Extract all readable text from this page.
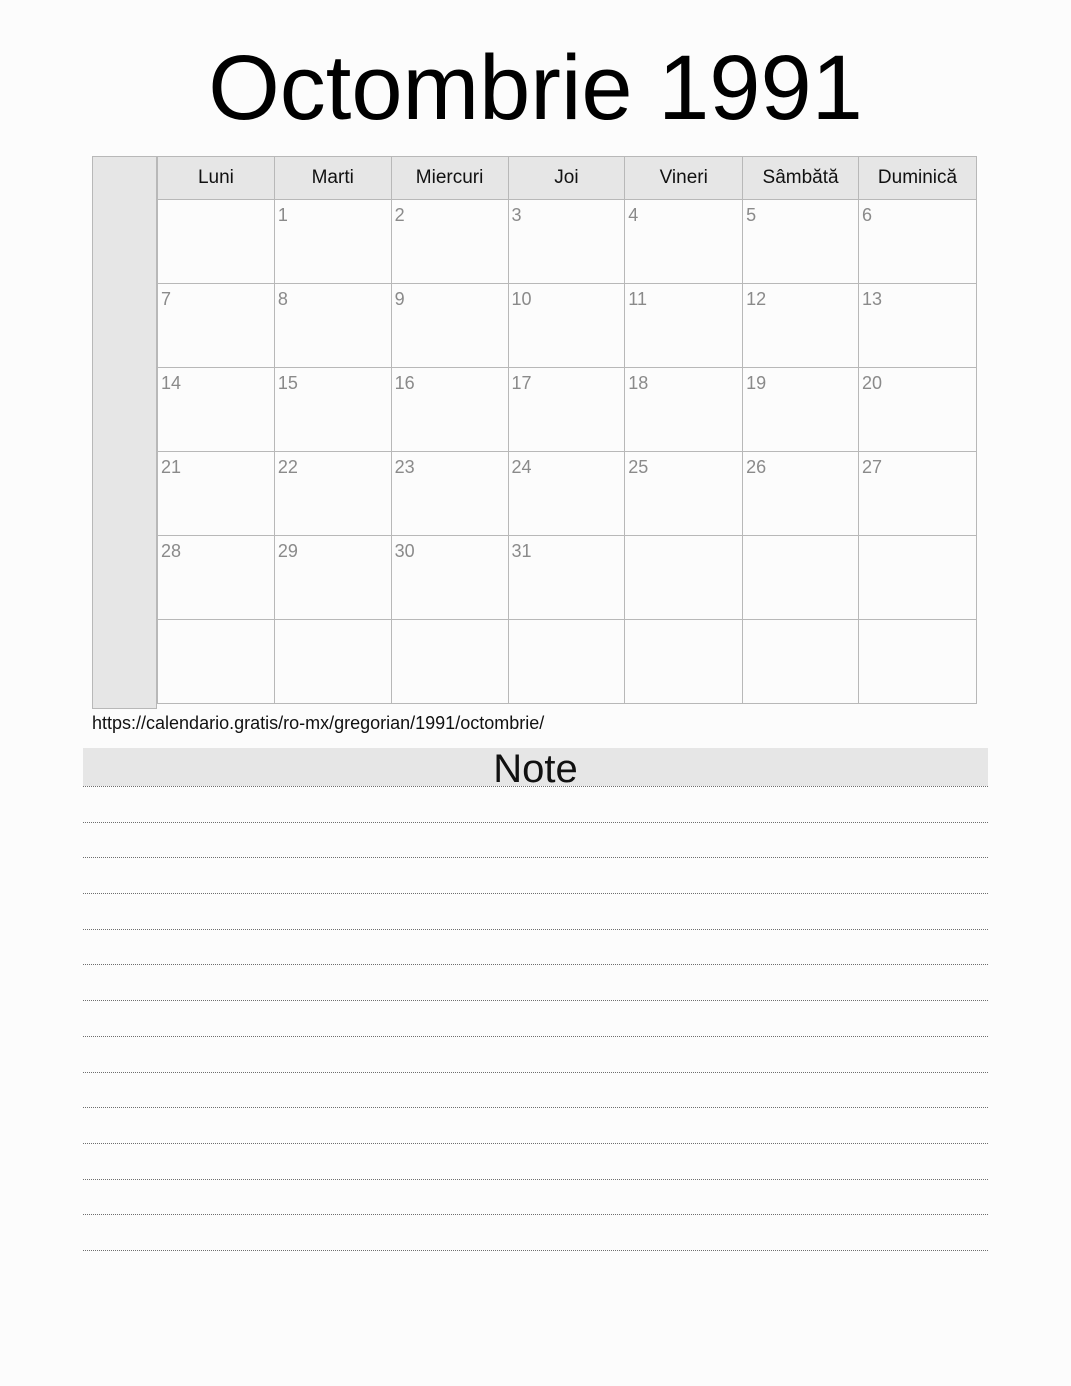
Octombrie 1991
Luni	Marti	Miercuri	Joi	Vineri	Sâmbătă	Duminică
	1	2	3	4	5	6
7	8	9	10	11	12	13
14	15	16	17	18	19	20
21	22	23	24	25	26	27
28	29	30	31			

https://calendario.gratis/ro-mx/gregorian/1991/octombrie/
Note
